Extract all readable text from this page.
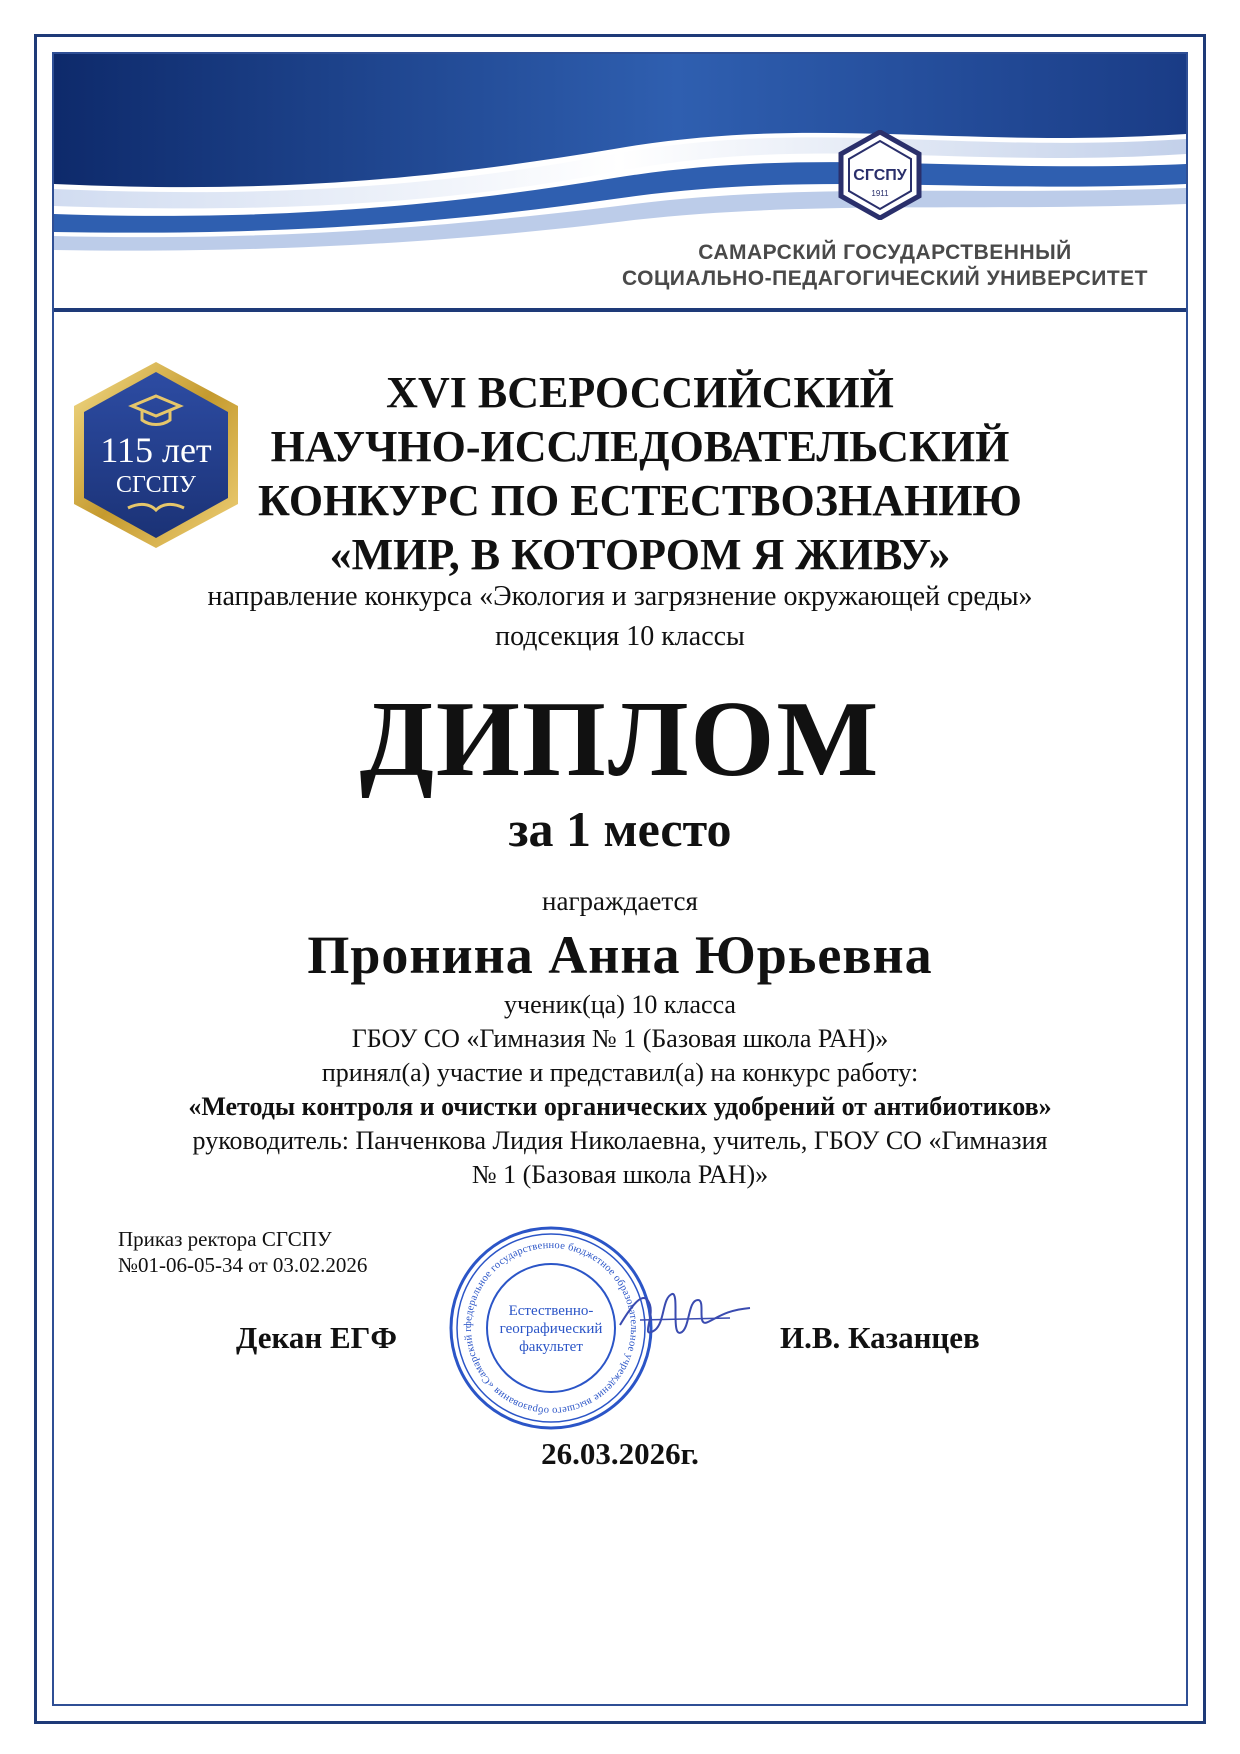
СГСПУ
1911
САМАРСКИЙ ГОСУДАРСТВЕННЫЙ
СОЦИАЛЬНО-ПЕДАГОГИЧЕСКИЙ УНИВЕРСИТЕТ
115 лет
СГСПУ
XVI ВСЕРОССИЙСКИЙ
НАУЧНО-ИССЛЕДОВАТЕЛЬСКИЙ
КОНКУРС ПО ЕСТЕСТВОЗНАНИЮ
«МИР, В КОТОРОМ Я ЖИВУ»
направление конкурса «Экология и загрязнение окружающей среды»
подсекция 10 классы
ДИПЛОМ
за 1 место
награждается
Пронина Анна Юрьевна
ученик(ца) 10 класса
ГБОУ СО «Гимназия № 1 (Базовая школа РАН)»
принял(а) участие и представил(а) на конкурс работу:
«Методы контроля и очистки органических удобрений от антибиотиков»
руководитель: Панченкова Лидия Николаевна, учитель, ГБОУ СО «Гимназия
№ 1 (Базовая школа РАН)»
Приказ ректора СГСПУ
№01-06-05-34 от 03.02.2026
федеральное государственное бюджетное образовательное учреждение высшего образования «Самарский г
Естественно-
географический
факультет
Декан ЕГФ	И.В. Казанцев
26.03.2026г.
